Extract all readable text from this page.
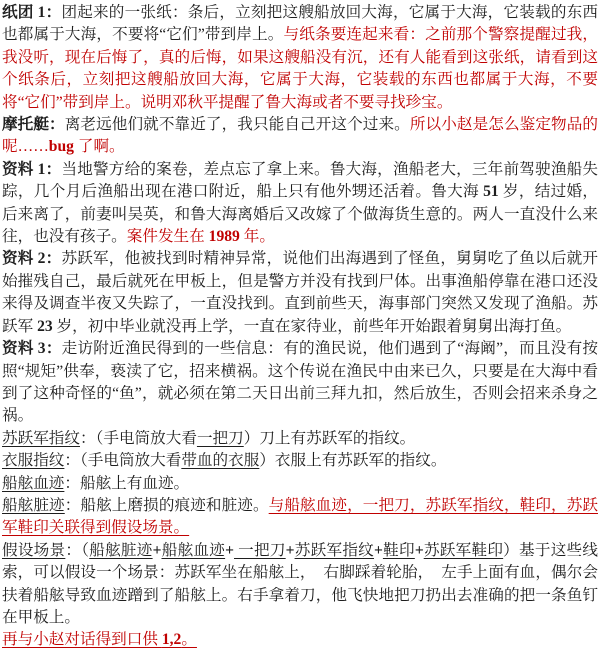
纸团 1：团起来的一张纸：条后，立刻把这艘船放回大海，它属于大海，它装载的东西也都属于大海，不要将“它们”带到岸上。与纸条要连起来看：之前那个警察提醒过我，我没听，现在后悔了，真的后悔，如果这艘船没有沉，还有人能看到这张纸，请看到这个纸条后，立刻把这艘船放回大海，它属于大海，它装载的东西也都属于大海，不要将“它们”带到岸上。说明邓秋平提醒了鲁大海或者不要寻找珍宝。

摩托艇：离老远他们就不靠近了，我只能自己开这个过来。所以小赵是怎么鉴定物品的呢……bug 了啊。

资料 1：当地警方给的案卷，差点忘了拿上来。鲁大海，渔船老大，三年前驾驶渔船失踪，几个月后渔船出现在港口附近，船上只有他外甥还活着。鲁大海 51 岁，结过婚，后来离了，前妻叫吴英，和鲁大海离婚后又改嫁了个做海货生意的。两人一直没什么来往，也没有孩子。案件发生在 1989 年。

资料 2：苏跃军，他被找到时精神异常，说他们出海遇到了怪鱼，舅舅吃了鱼以后就开始摧残自己，最后就死在甲板上，但是警方并没有找到尸体。出事渔船停靠在港口还没来得及调查半夜又失踪了，一直没找到。直到前些天，海事部门突然又发现了渔船。苏跃军 23 岁，初中毕业就没再上学，一直在家待业，前些年开始跟着舅舅出海打鱼。

资料 3：走访附近渔民得到的一些信息：有的渔民说，他们遇到了“海阚”，而且没有按照“规矩”供奉，亵渎了它，招来横祸。这个传说在渔民中由来已久，只要是在大海中看到了这种奇怪的“鱼”，就必须在第二天日出前三拜九扣，然后放生，否则会招来杀身之祸。

苏跃军指纹：（手电筒放大看一把刀）刀上有苏跃军的指纹。

衣服指纹：（手电筒放大看带血的衣服）衣服上有苏跃军的指纹。

船舷血迹：船舷上有血迹。

船舷脏迹：船舷上磨损的痕迹和脏迹。与船舷血迹，一把刀，苏跃军指纹，鞋印，苏跃军鞋印关联得到假设场景。

假设场景：（船舷脏迹+船舷血迹+ 一把刀+苏跃军指纹+鞋印+苏跃军鞋印）基于这些线索，可以假设一个场景：苏跃军坐在船舷上，  右脚踩着轮胎，  左手上面有血，偶尔会扶着船舷导致血迹蹭到了船舷上。右手拿着刀，他飞快地把刀扔出去准确的把一条鱼钉在甲板上。

再与小赵对话得到口供 1,2。
